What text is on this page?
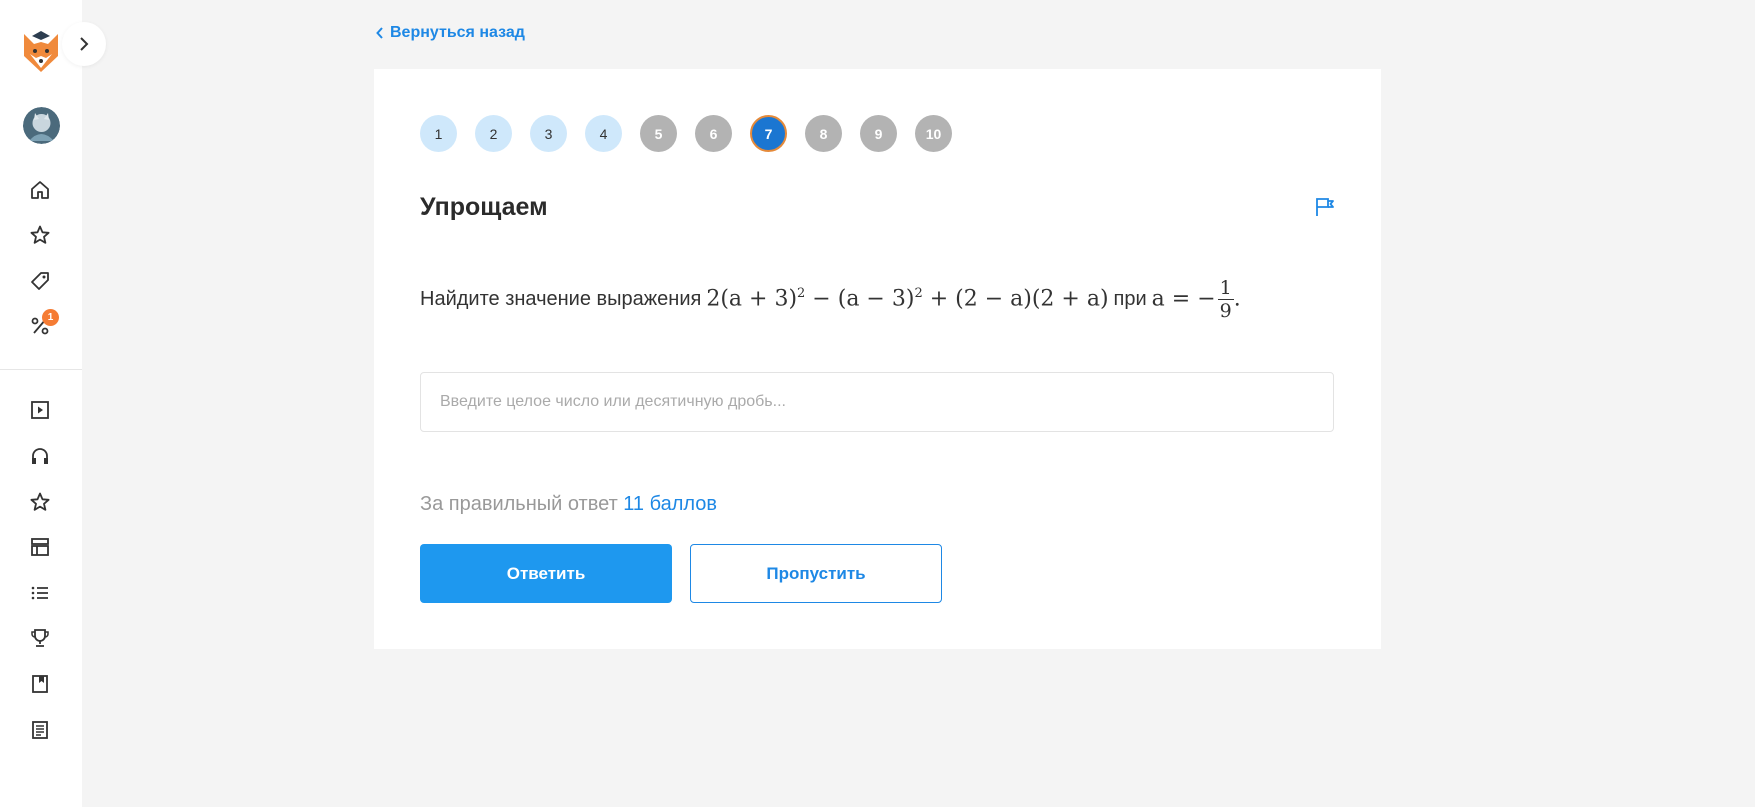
1
Вернуться назад
1	2	3	4	5	6	7	8	9	10
Упрощаем
Найдите значение выражения $2(a + 3)^2 - (a - 3)^2 + (2 - a)(2 + a)$ при a = − $\frac{1}{9}$ .
Введите целое число или десятичную дробь...
За правильный ответ 11 баллов
Ответить	Пропустить
